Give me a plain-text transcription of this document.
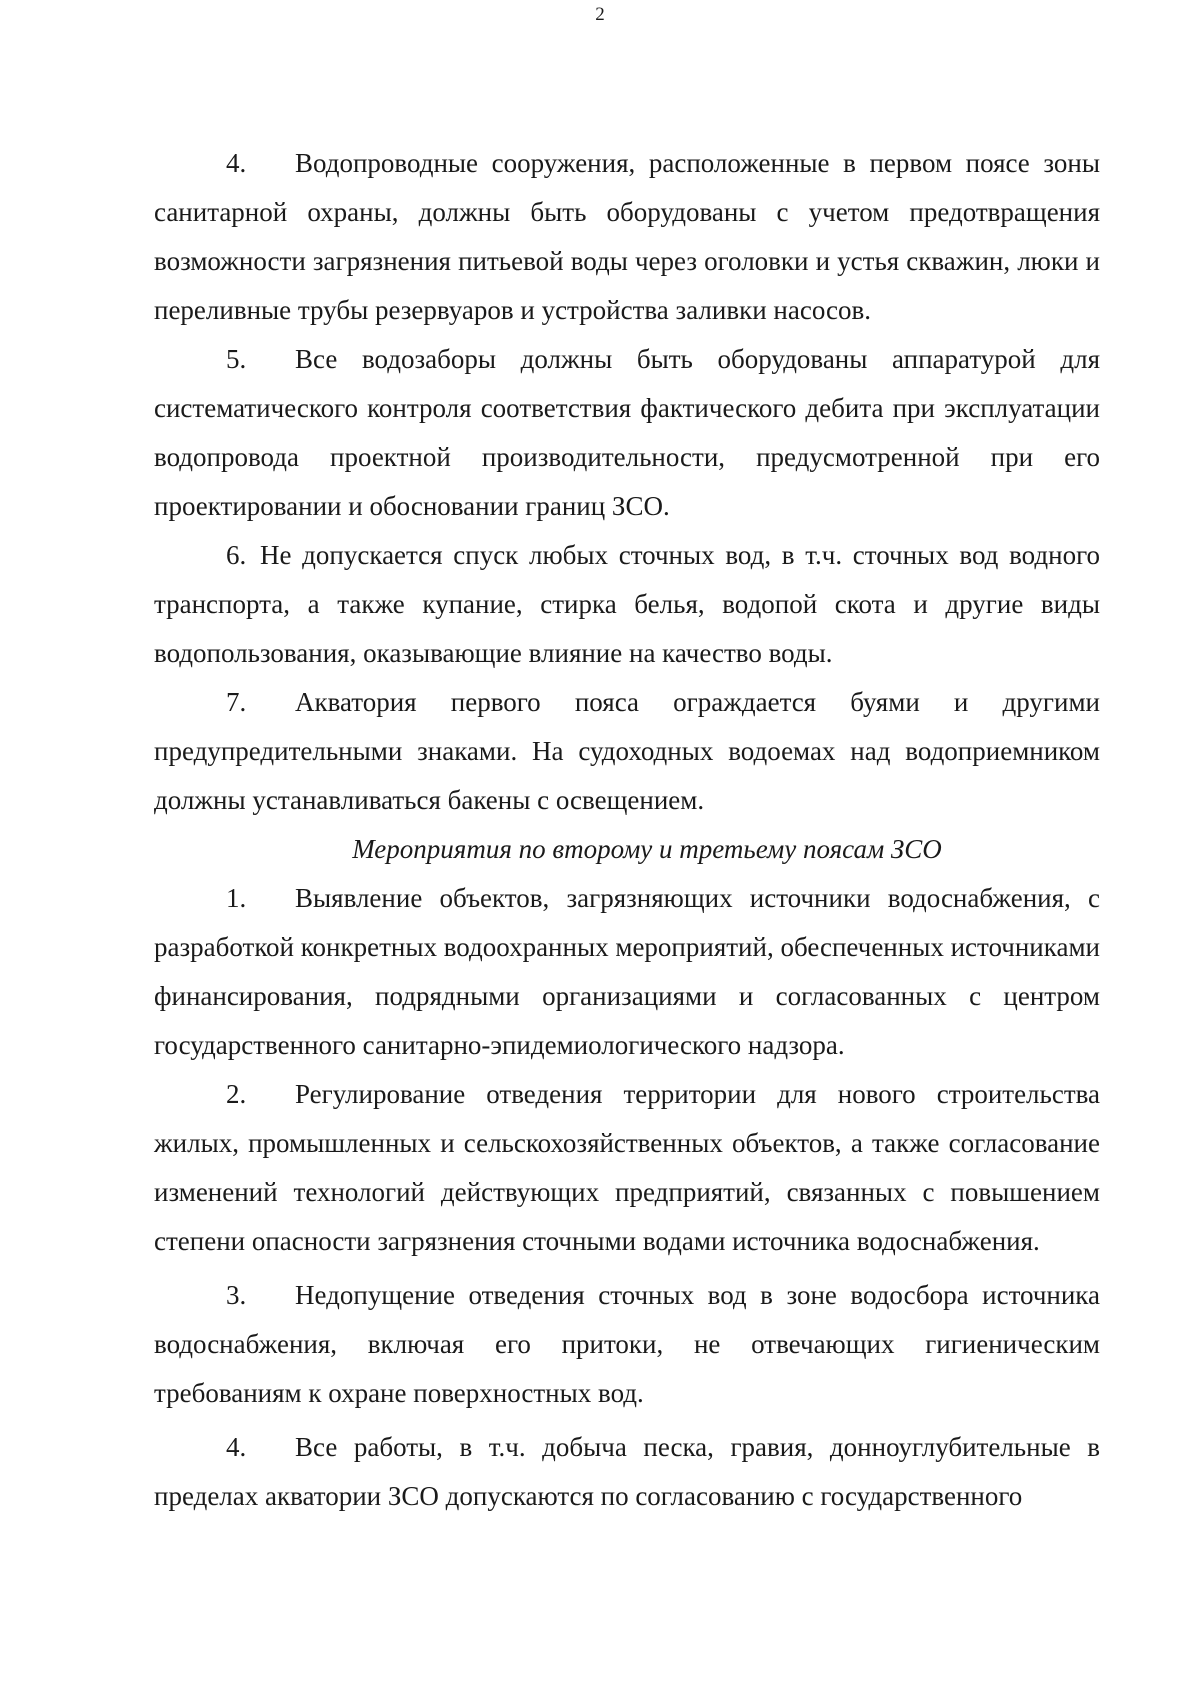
2

4. Водопроводные сооружения, расположенные в первом поясе зоны санитарной охраны, должны быть оборудованы с учетом предотвращения возможности загрязнения питьевой воды через оголовки и устья скважин, люки и переливные трубы резервуаров и устройства заливки насосов.

5. Все водозаборы должны быть оборудованы аппаратурой для систематического контроля соответствия фактического дебита при эксплуатации водопровода проектной производительности, предусмотренной при его проектировании и обосновании границ ЗСО.

6. Не допускается спуск любых сточных вод, в т.ч. сточных вод водного транспорта, а также купание, стирка белья, водопой скота и другие виды водопользования, оказывающие влияние на качество воды.

7. Акватория первого пояса ограждается буями и другими предупредительными знаками. На судоходных водоемах над водоприемником должны устанавливаться бакены с освещением.

Мероприятия по второму и третьему поясам ЗСО

1. Выявление объектов, загрязняющих источники водоснабжения, с разработкой конкретных водоохранных мероприятий, обеспеченных источниками финансирования, подрядными организациями и согласованных с центром государственного санитарно-эпидемиологического надзора.

2. Регулирование отведения территории для нового строительства жилых, промышленных и сельскохозяйственных объектов, а также согласование изменений технологий действующих предприятий, связанных с повышением степени опасности загрязнения сточными водами источника водоснабжения.

3. Недопущение отведения сточных вод в зоне водосбора источника водоснабжения, включая его притоки, не отвечающих гигиеническим требованиям к охране поверхностных вод.

4. Все работы, в т.ч. добыча песка, гравия, донноуглубительные в пределах акватории ЗСО допускаются по согласованию с государственного
